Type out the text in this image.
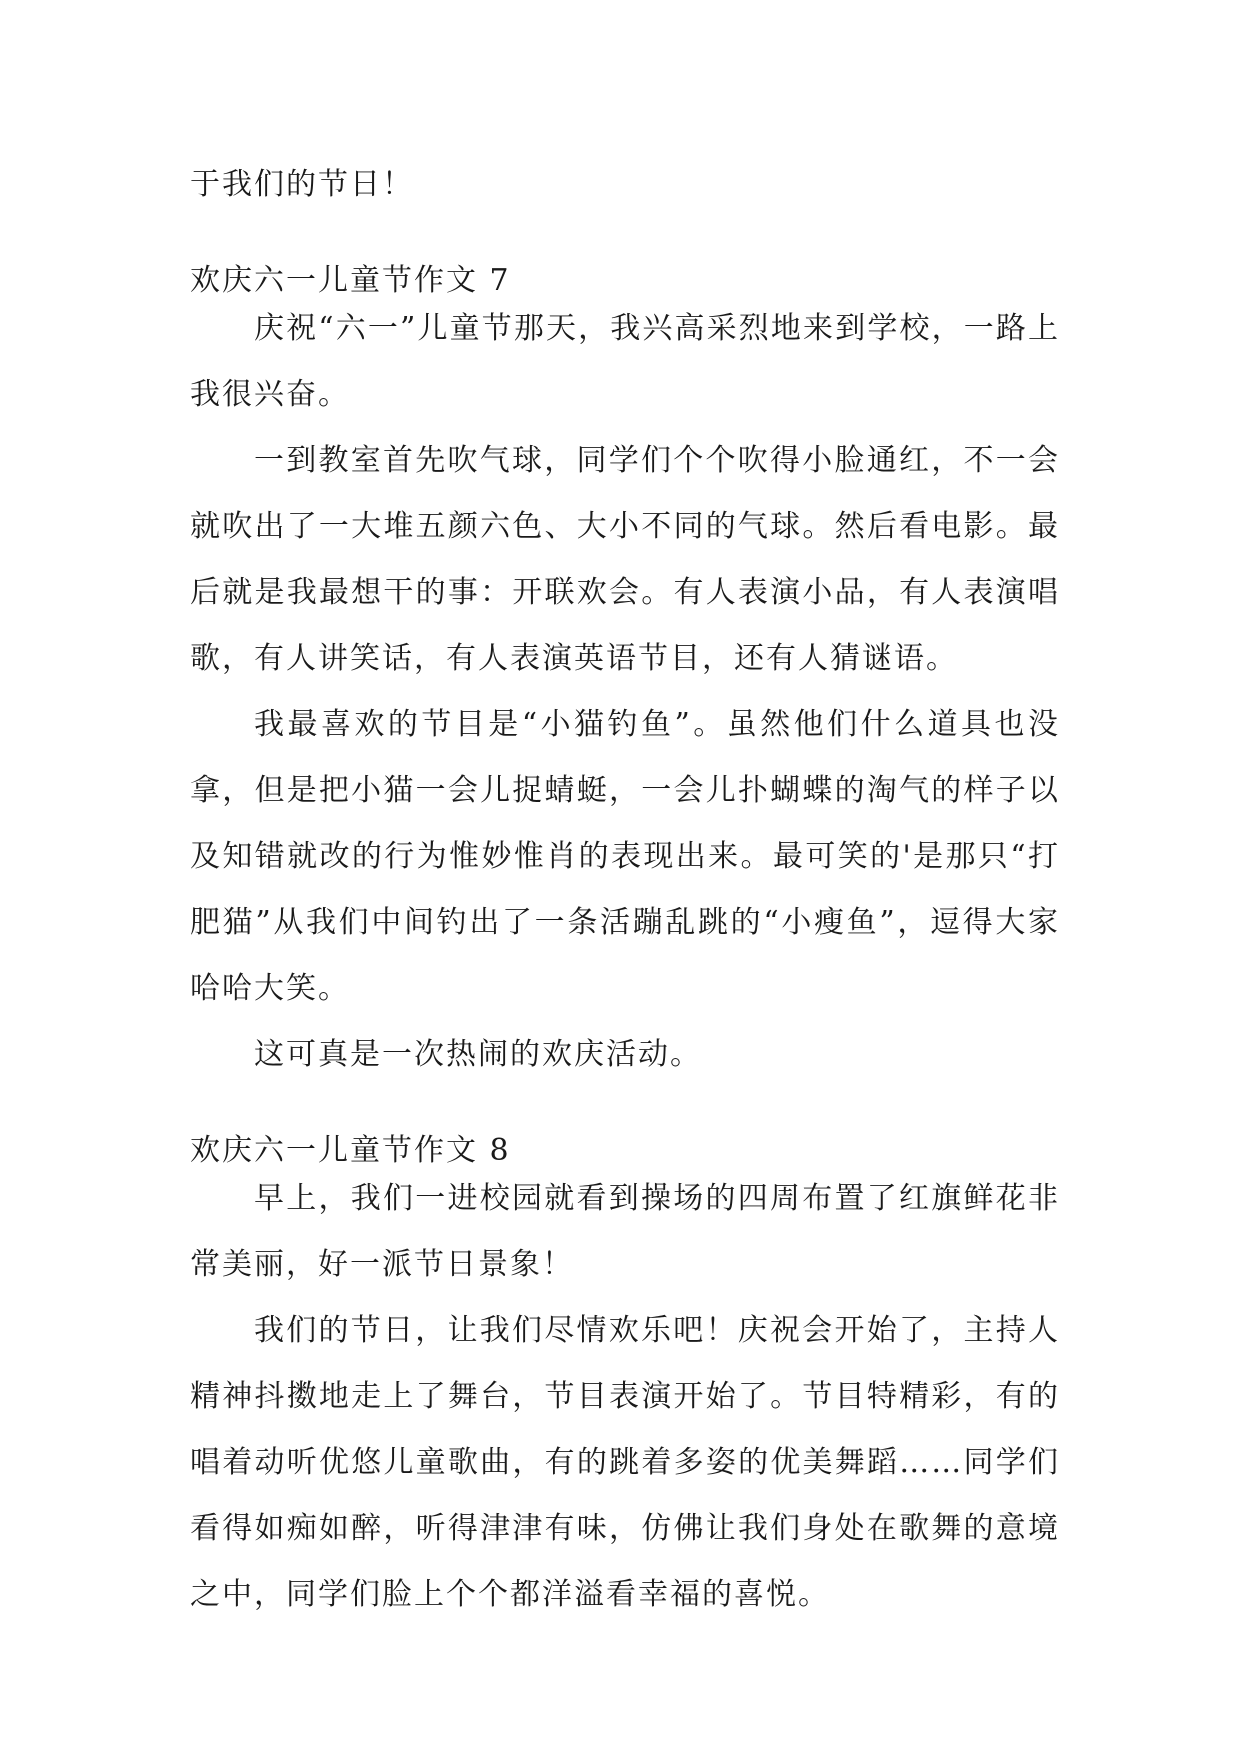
于我们的节日！

欢庆六一儿童节作文 7

庆祝“六一”儿童节那天，我兴高采烈地来到学校，一路上我很兴奋。

一到教室首先吹气球，同学们个个吹得小脸通红，不一会就吹出了一大堆五颜六色、大小不同的气球。然后看电影。最后就是我最想干的事：开联欢会。有人表演小品，有人表演唱歌，有人讲笑话，有人表演英语节目，还有人猜谜语。

我最喜欢的节目是“小猫钓鱼”。虽然他们什么道具也没拿，但是把小猫一会儿捉蜻蜓，一会儿扑蝴蝶的淘气的样子以及知错就改的行为惟妙惟肖的表现出来。最可笑的'是那只“打肥猫”从我们中间钓出了一条活蹦乱跳的“小瘦鱼”，逗得大家哈哈大笑。

这可真是一次热闹的欢庆活动。

欢庆六一儿童节作文 8

早上，我们一进校园就看到操场的四周布置了红旗鲜花非常美丽，好一派节日景象！

我们的节日，让我们尽情欢乐吧！庆祝会开始了，主持人精神抖擞地走上了舞台，节目表演开始了。节目特精彩，有的唱着动听优悠儿童歌曲，有的跳着多姿的优美舞蹈……同学们看得如痴如醉，听得津津有味，仿佛让我们身处在歌舞的意境之中，同学们脸上个个都洋溢看幸福的喜悦。
